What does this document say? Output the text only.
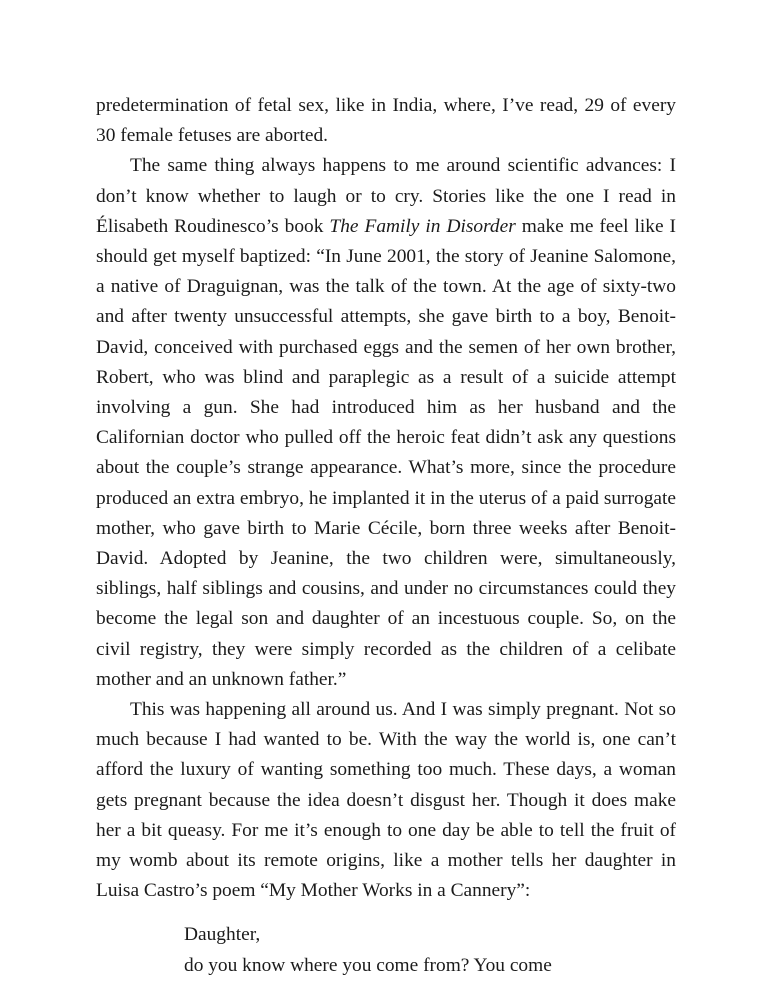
predetermination of fetal sex, like in India, where, I’ve read, 29 of every 30 female fetuses are aborted.

The same thing always happens to me around scientific advances: I don’t know whether to laugh or to cry. Stories like the one I read in Élisabeth Roudinesco’s book The Family in Disorder make me feel like I should get myself baptized: “In June 2001, the story of Jeanine Salomone, a native of Draguignan, was the talk of the town. At the age of sixty-two and after twenty unsuccessful attempts, she gave birth to a boy, Benoit-David, conceived with purchased eggs and the semen of her own brother, Robert, who was blind and paraplegic as a result of a suicide attempt involving a gun. She had introduced him as her husband and the Californian doctor who pulled off the heroic feat didn’t ask any questions about the couple’s strange appearance. What’s more, since the procedure produced an extra embryo, he implanted it in the uterus of a paid surrogate mother, who gave birth to Marie Cécile, born three weeks after Benoit-David. Adopted by Jeanine, the two children were, simultaneously, siblings, half siblings and cousins, and under no circumstances could they become the legal son and daughter of an incestuous couple. So, on the civil registry, they were simply recorded as the children of a celibate mother and an unknown father.”

This was happening all around us. And I was simply pregnant. Not so much because I had wanted to be. With the way the world is, one can’t afford the luxury of wanting something too much. These days, a woman gets pregnant because the idea doesn’t disgust her. Though it does make her a bit queasy. For me it’s enough to one day be able to tell the fruit of my womb about its remote origins, like a mother tells her daughter in Luisa Castro’s poem “My Mother Works in a Cannery”:

Daughter,
do you know where you come from? You come
